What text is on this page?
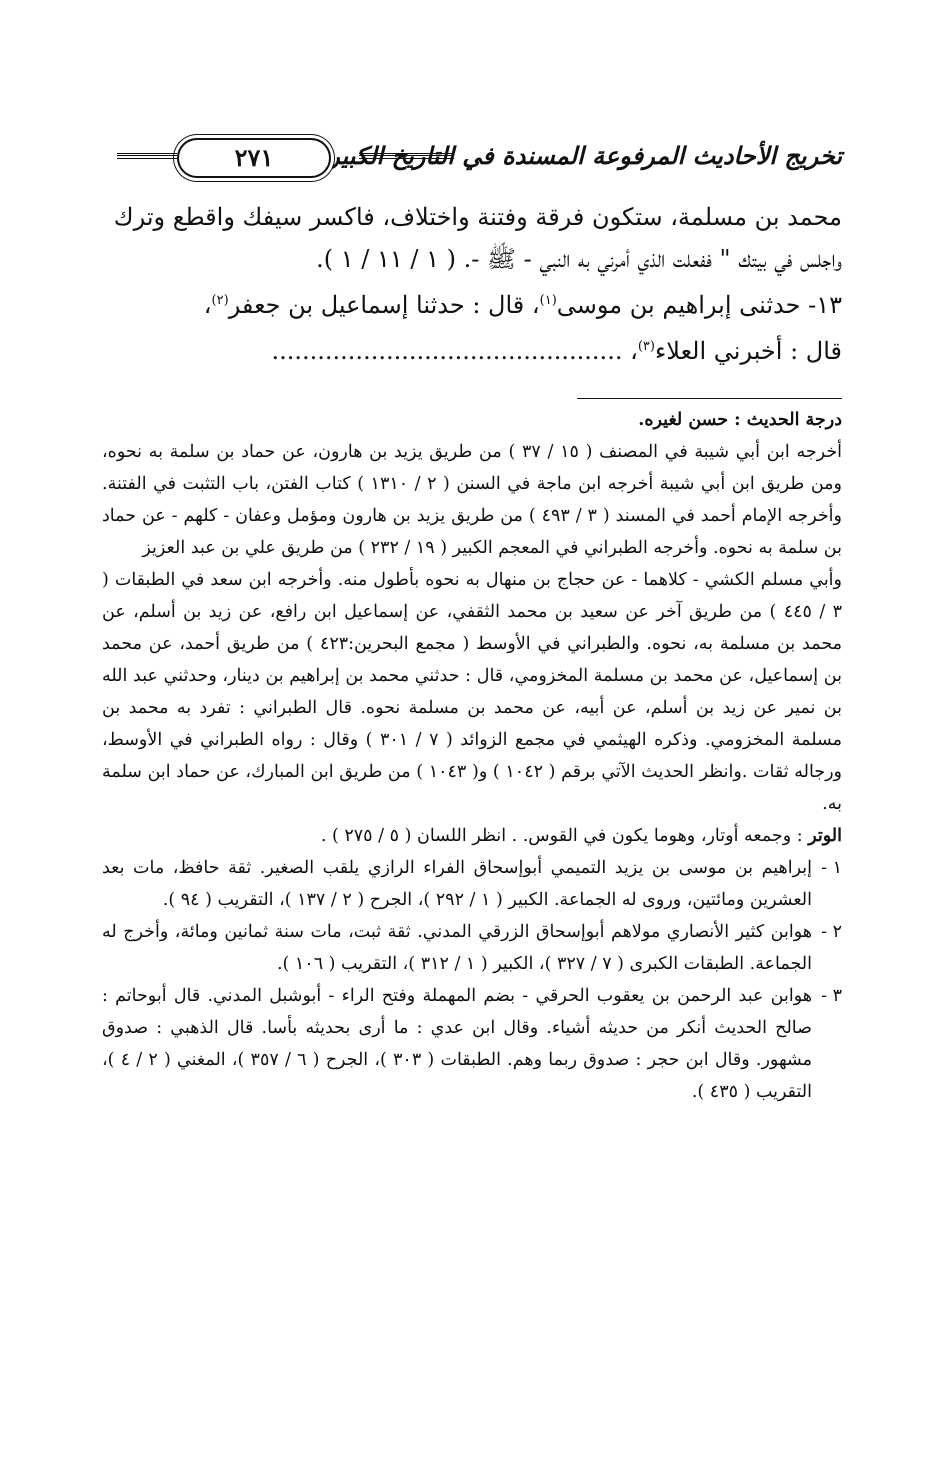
تخريج الأحاديث المرفوعة المسندة في التاريخ الكبير
٢٧١

محمد بن مسلمة، ستكون فرقة وفتنة واختلاف، فاكسر سيفك واقطع وترك

واجلس في بيتك " ففعلت الذي أمرني به النبي - ﷺ -. ( ١ / ١١ / ١ ).

١٣- حدثنى إبراهيم بن موسى$^{(١)}$، قال : حدثنا إسماعيل بن جعفر$^{(٢)}$،

قال : أخبرني العلاء$^{(٣)}$، ..............................................

درجة الحديث : حسن لغيره.

أخرجه ابن أبي شيبة في المصنف ( ١٥ / ٣٧ ) من طريق يزيد بن هارون، عن حماد بن سلمة به نحوه، ومن طريق ابن أبي شيبة أخرجه ابن ماجة في السنن ( ٢ / ١٣١٠ ) كتاب الفتن، باب التثبت في الفتنة. وأخرجه الإمام أحمد في المسند ( ٣ / ٤٩٣ ) من طريق يزيد بن هارون ومؤمل وعفان - كلهم - عن حماد بن سلمة به نحوه. وأخرجه الطبراني في المعجم الكبير ( ١٩ / ٢٣٢ ) من طريق علي بن عبد العزيز

وأبي مسلم الكشي - كلاهما - عن حجاج بن منهال به نحوه بأطول منه. وأخرجه ابن سعد في الطبقات ( ٣ / ٤٤٥ ) من طريق آخر عن سعيد بن محمد الثقفي، عن إسماعيل ابن رافع، عن زيد بن أسلم، عن محمد بن مسلمة به، نحوه. والطبراني في الأوسط ( مجمع البحرين:٤٢٣ ) من طريق أحمد، عن محمد بن إسماعيل، عن محمد بن مسلمة المخزومي، قال : حدثني محمد بن إبراهيم بن دينار، وحدثني عبد الله بن نمير عن زيد بن أسلم، عن أبيه، عن محمد بن مسلمة نحوه. قال الطبراني : تفرد به محمد بن مسلمة المخزومي. وذكره الهيثمي في مجمع الزوائد ( ٧ / ٣٠١ ) وقال : رواه الطبراني في الأوسط، ورجاله ثقات .وانظر الحديث الآتي برقم ( ١٠٤٢ ) و( ١٠٤٣ ) من طريق ابن المبارك، عن حماد ابن سلمة به.

الوتر : وجمعه أوتار، وهوما يكون في القوس. . انظر اللسان ( ٥ / ٢٧٥ ) .

١ -
إبراهيم بن موسى بن يزيد التميمي أبوإسحاق الفراء الرازي يلقب الصغير. ثقة حافظ، مات بعد العشرين ومائتين، وروى له الجماعة. الكبير ( ١ / ٢٩٢ )، الجرح ( ٢ / ١٣٧ )، التقريب ( ٩٤ ).
٢ -
هوابن كثير الأنصاري مولاهم أبوإسحاق الزرقي المدني. ثقة ثبت، مات سنة ثمانين ومائة، وأخرج له الجماعة. الطبقات الكبرى ( ٧ / ٣٢٧ )، الكبير ( ١ / ٣١٢ )، التقريب ( ١٠٦ ).
٣ -
هوابن عبد الرحمن بن يعقوب الحرقي - بضم المهملة وفتح الراء - أبوشبل المدني. قال أبوحاتم : صالح الحديث أنكر من حديثه أشياء. وقال ابن عدي : ما أرى بحديثه بأسا. قال الذهبي : صدوق مشهور. وقال ابن حجر : صدوق ربما وهم. الطبقات ( ٣٠٣ )، الجرح ( ٦ / ٣٥٧ )، المغني ( ٢ / ٤ )، التقريب ( ٤٣٥ ).
